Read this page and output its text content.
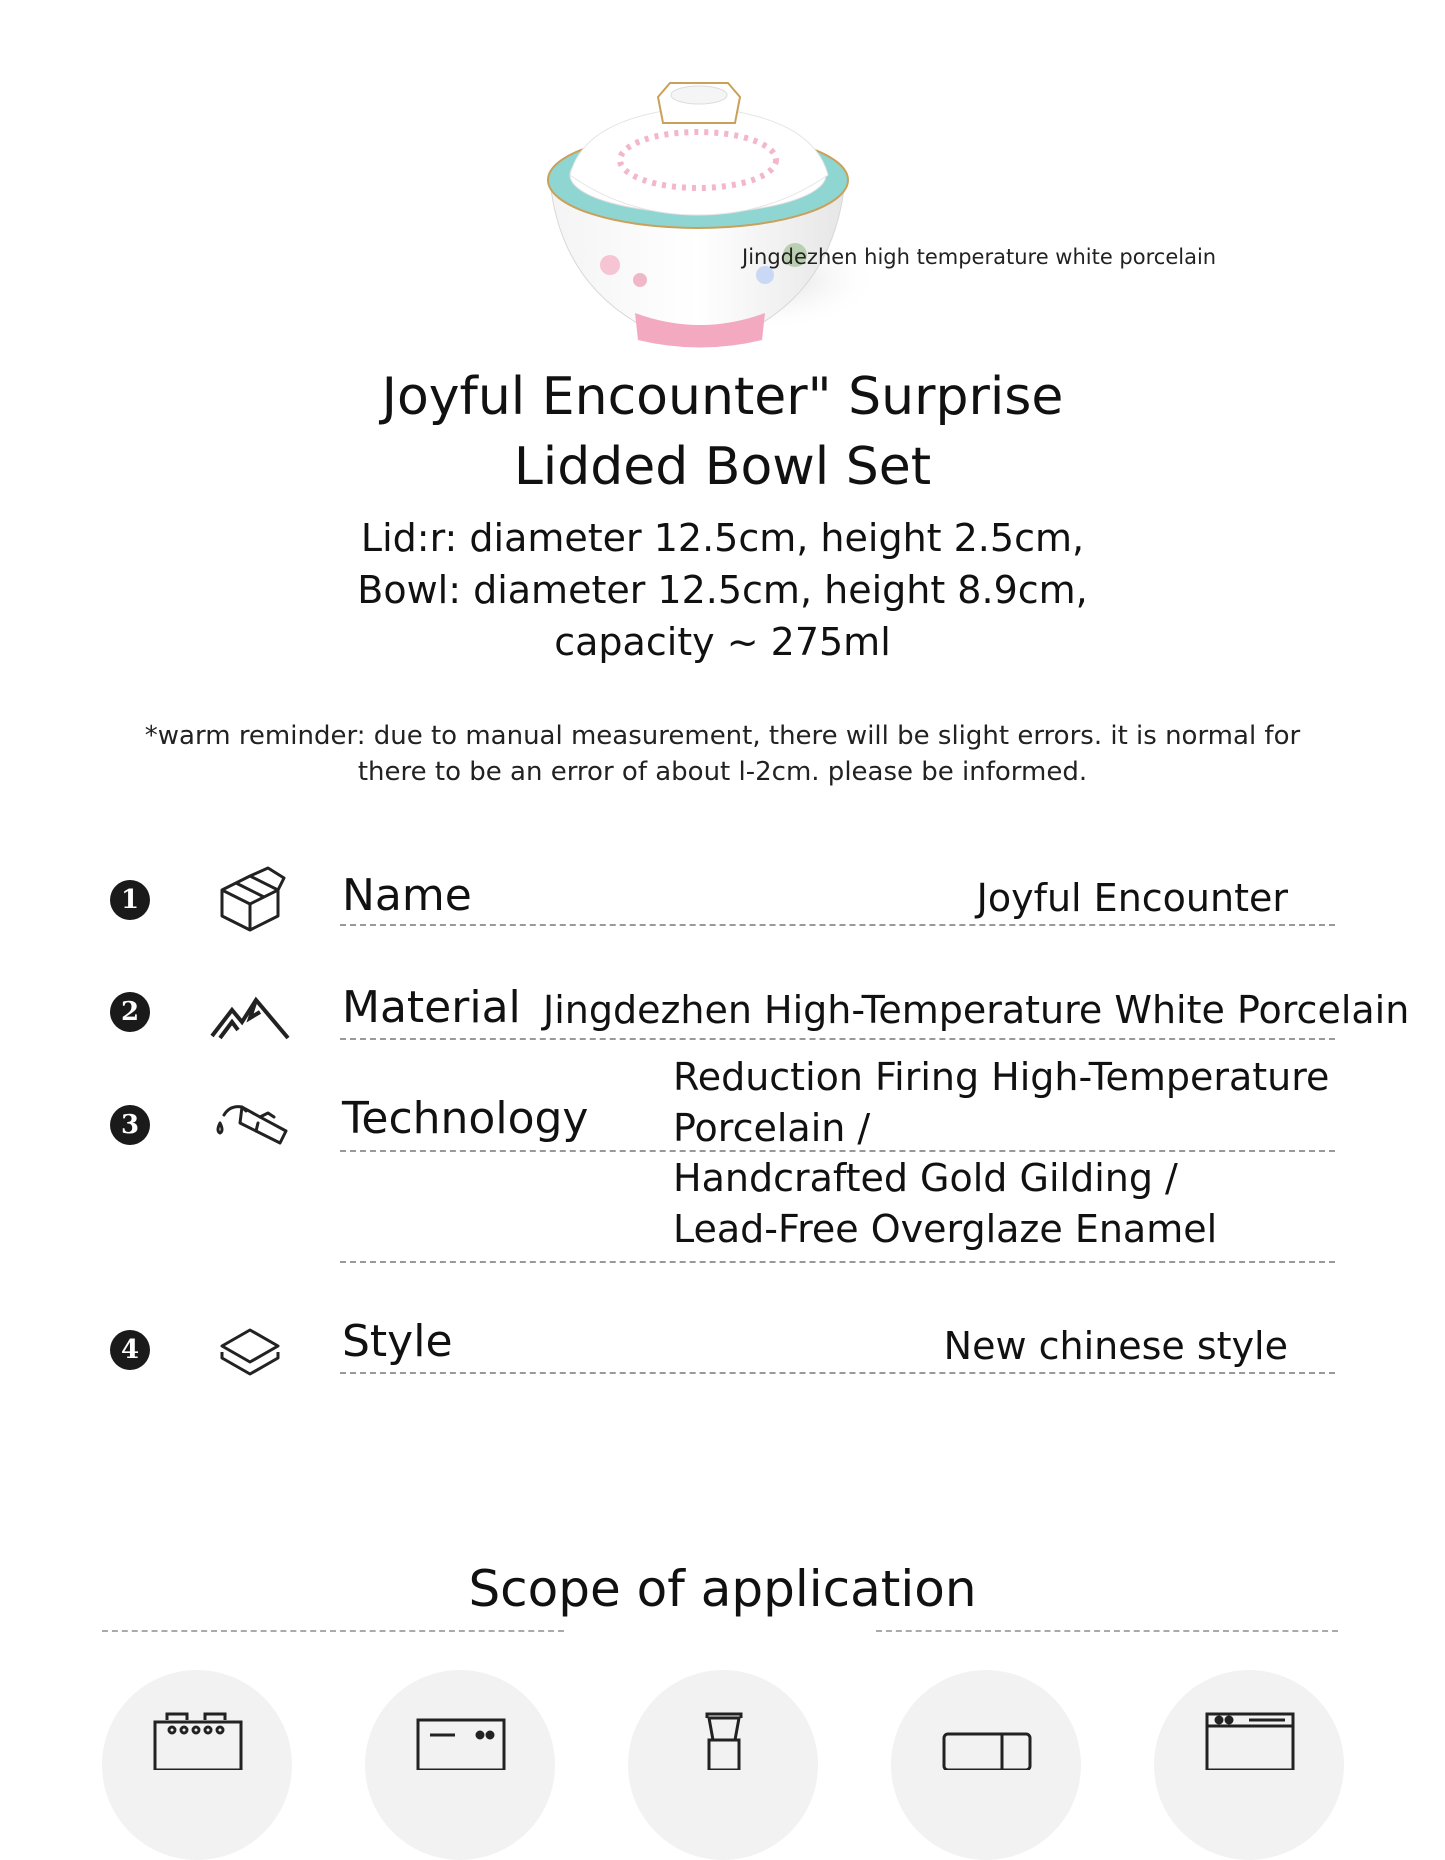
Jingdezhen high temperature white porcelain
Joyful Encounter" Surprise
Lidded Bowl Set
Lid:r: diameter 12.5cm, height 2.5cm,
Bowl: diameter 12.5cm, height 8.9cm,
capacity ~ 275ml
*warm reminder: due to manual measurement, there will be slight errors. it is normal for
there to be an error of about l-2cm. please be informed.
1	Name	Joyful Encounter
2	Material Jingdezhen High-Temperature White Porcelain
3	Technology
Reduction Firing High-Temperature
Porcelain /
Handcrafted Gold Gilding /
Lead-Free Overglaze Enamel
4	Style	New chinese style
Scope of application
